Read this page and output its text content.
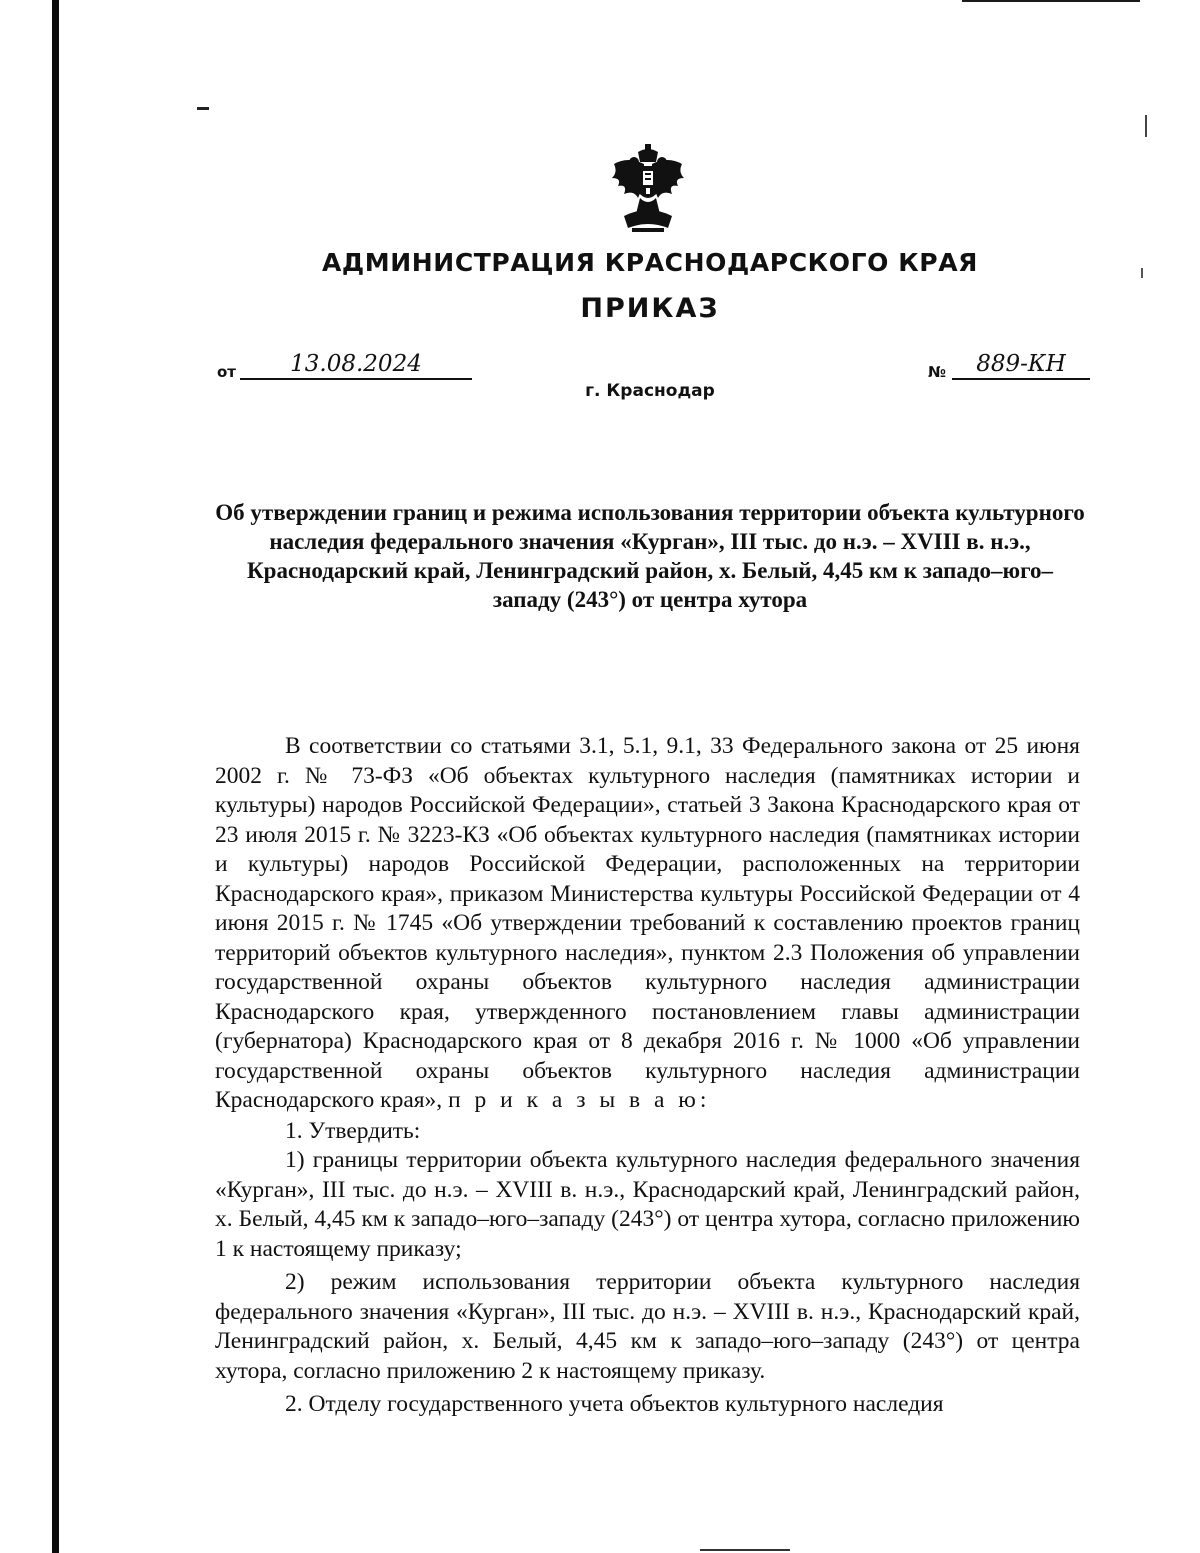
АДМИНИСТРАЦИЯ КРАСНОДАРСКОГО КРАЯ
ПРИКАЗ
от	13.08.2024	№	889-КН
г. Краснодар
Об утверждении границ и режима использования территории объекта культурного наследия федерального значения «Курган», III тыс. до н.э. – XVIII в. н.э., Краснодарский край, Ленинградский район, х. Белый, 4,45 км к западо–юго–западу (243°) от центра хутора

В соответствии со статьями 3.1, 5.1, 9.1, 33 Федерального закона от 25 июня 2002 г. № 73-ФЗ «Об объектах культурного наследия (памятниках истории и культуры) народов Российской Федерации», статьей 3 Закона Краснодарского края от 23 июля 2015 г. № 3223-КЗ «Об объектах культурного наследия (памятниках истории и культуры) народов Российской Федерации, расположенных на территории Краснодарского края», приказом Министерства культуры Российской Федерации от 4 июня 2015 г. № 1745 «Об утверждении требований к составлению проектов границ территорий объектов культурного наследия», пунктом 2.3 Положения об управлении государственной охраны объектов культурного наследия администрации Краснодарского края, утвержденного постановлением главы администрации (губернатора) Краснодарского края от 8 декабря 2016 г. № 1000 «Об управлении государственной охраны объектов культурного наследия администрации Краснодарского края», п р и к а з ы в а ю:

1. Утвердить:

1) границы территории объекта культурного наследия федерального значения «Курган», III тыс. до н.э. – XVIII в. н.э., Краснодарский край, Ленинградский район, х. Белый, 4,45 км к западо–юго–западу (243°) от центра хутора, согласно приложению 1 к настоящему приказу;

2) режим использования территории объекта культурного наследия федерального значения «Курган», III тыс. до н.э. – XVIII в. н.э., Краснодарский край, Ленинградский район, х. Белый, 4,45 км к западо–юго–западу (243°) от центра хутора, согласно приложению 2 к настоящему приказу.

2. Отделу государственного учета объектов культурного наследия
